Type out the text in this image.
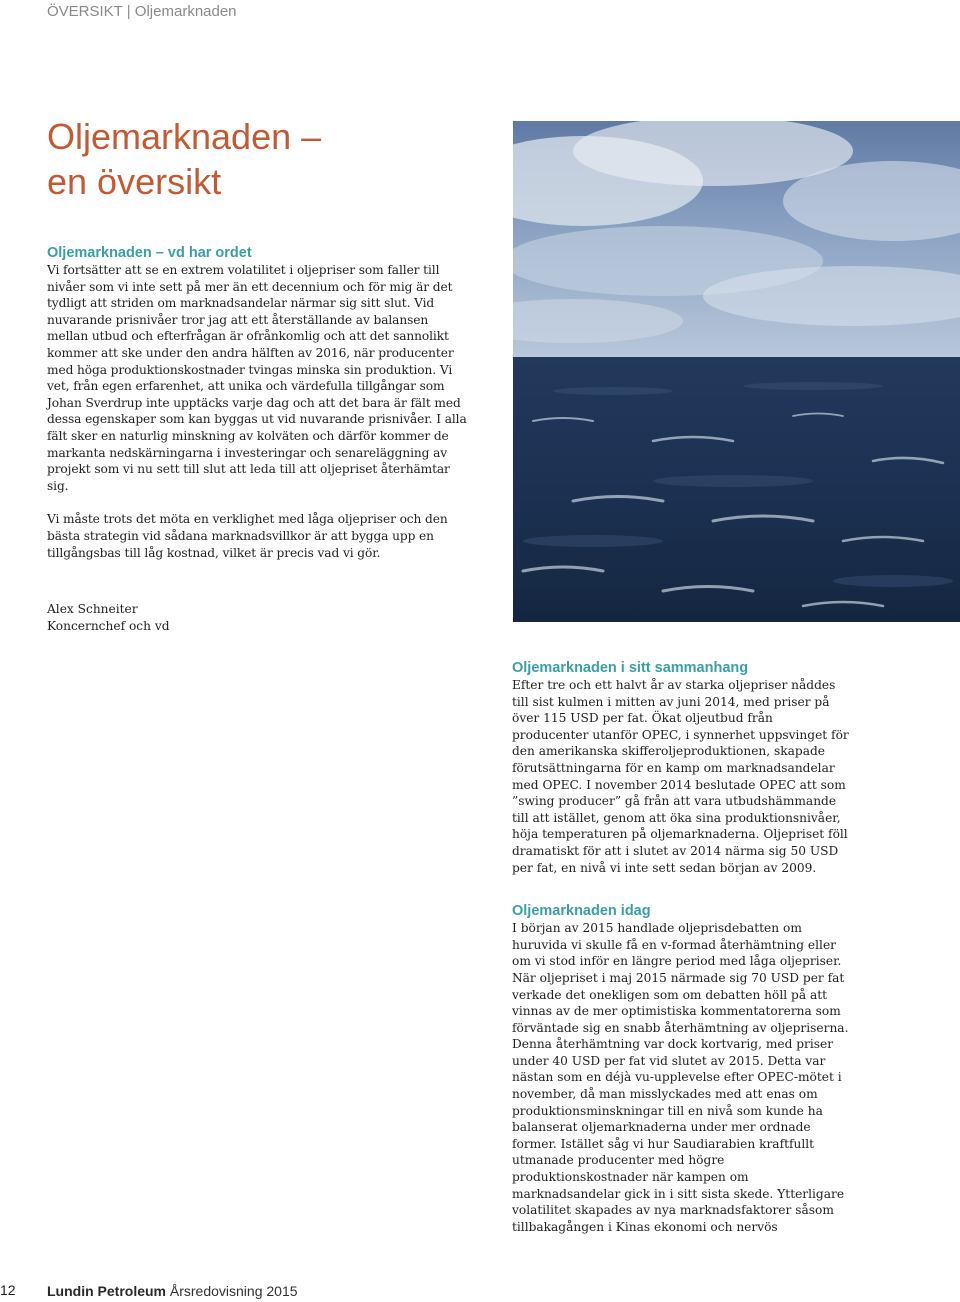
ÖVERSIKT | Oljemarknaden
Oljemarknaden –
en översikt
Oljemarknaden – vd har ordet

Vi fortsätter att se en extrem volatilitet i oljepriser som faller till nivåer som vi inte sett på mer än ett decennium och för mig är det tydligt att striden om marknadsandelar närmar sig sitt slut. Vid nuvarande prisnivåer tror jag att ett återställande av balansen mellan utbud och efterfrågan är ofrånkomlig och att det sannolikt kommer att ske under den andra hälften av 2016, när producenter med höga produktionskostnader tvingas minska sin produktion. Vi vet, från egen erfarenhet, att unika och värdefulla tillgångar som Johan Sverdrup inte upptäcks varje dag och att det bara är fält med dessa egenskaper som kan byggas ut vid nuvarande prisnivåer. I alla fält sker en naturlig minskning av kolväten och därför kommer de markanta nedskärningarna i investeringar och senareläggning av projekt som vi nu sett till slut att leda till att oljepriset återhämtar sig.

Vi måste trots det möta en verklighet med låga oljepriser och den bästa strategin vid sådana marknadsvillkor är att bygga upp en tillgångsbas till låg kostnad, vilket är precis vad vi gör.

Alex Schneiter

Koncernchef och vd

Oljemarknaden i sitt sammanhang

Efter tre och ett halvt år av starka oljepriser nåddes till sist kulmen i mitten av juni 2014, med priser på över 115 USD per fat. Ökat oljeutbud från producenter utanför OPEC, i synnerhet uppsvinget för den amerikanska skifferoljeproduktionen, skapade förutsättningarna för en kamp om marknadsandelar med OPEC. I november 2014 beslutade OPEC att som ”swing producer” gå från att vara utbudshämmande till att istället, genom att öka sina produktionsnivåer, höja temperaturen på oljemarknaderna. Oljepriset föll dramatiskt för att i slutet av 2014 närma sig 50 USD per fat, en nivå vi inte sett sedan början av 2009.

Oljemarknaden idag

I början av 2015 handlade oljeprisdebatten om huruvida vi skulle få en v-formad återhämtning eller om vi stod inför en längre period med låga oljepriser. När oljepriset i maj 2015 närmade sig 70 USD per fat verkade det onekligen som om debatten höll på att vinnas av de mer optimistiska kommentatorerna som förväntade sig en snabb återhämtning av oljepriserna. Denna återhämtning var dock kortvarig, med priser under 40 USD per fat vid slutet av 2015. Detta var nästan som en déjà vu-upplevelse efter OPEC-mötet i november, då man misslyckades med att enas om produktionsminskningar till en nivå som kunde ha balanserat oljemarknaderna under mer ordnade former. Istället såg vi hur Saudiarabien kraftfullt utmanade producenter med högre produktionskostnader när kampen om marknadsandelar gick in i sitt sista skede. Ytterligare volatilitet skapades av nya marknadsfaktorer såsom tillbakagången i Kinas ekonomi och nervös

12 Lundin Petroleum Årsredovisning 2015
